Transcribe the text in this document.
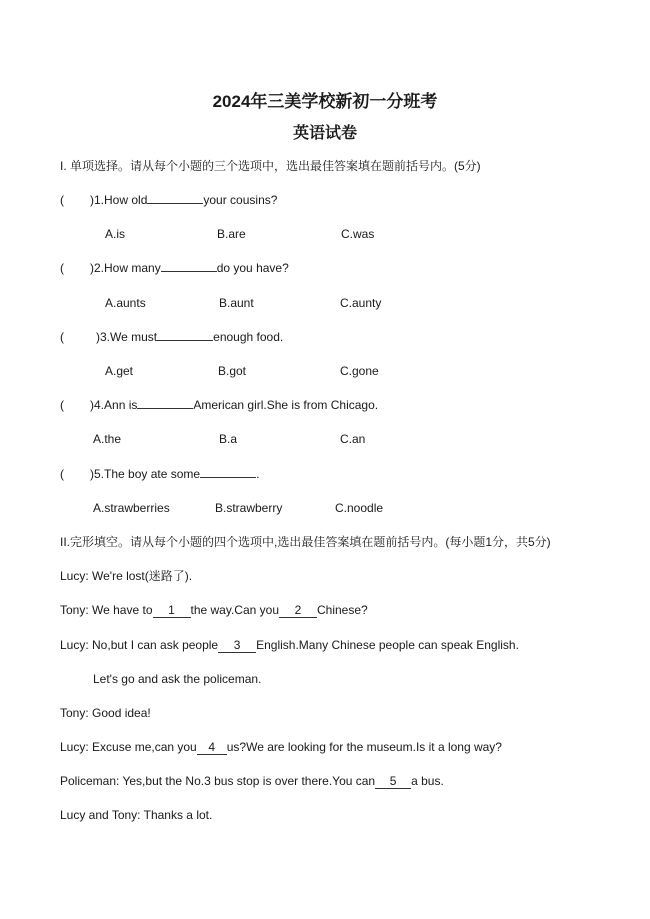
2024年三美学校新初一分班考
英语试卷
I. 单项选择。请从每个小题的三个选项中，选出最佳答案填在题前括号内。(5分)
( )1.How old	your cousins?
A.is	B.are	C.was
( )2.How many	do you have?
A.aunts	B.aunt	C.aunty
(	)3.We must	enough food.
A.get	B.got	C.gone
( )4.Ann is	American girl.She is from Chicago.
A.the	B.a	C.an
( )5.The boy ate some	.
A.strawberries	B.strawberry	C.noodle
II.完形填空。请从每个小题的四个选项中,选出最佳答案填在题前括号内。(每小题1分，共5分)
Lucy: We're lost(迷路了).
Tony: We have to 1 the way.Can you 2 Chinese?
Lucy: No,but I can ask people 3 English.Many Chinese people can speak English.
Let's go and ask the policeman.
Tony: Good idea!
Lucy: Excuse me,can you 4 us?We are looking for the museum.Is it a long way?
Policeman: Yes,but the No.3 bus stop is over there.You can 5 a bus.
Lucy and Tony: Thanks a lot.
